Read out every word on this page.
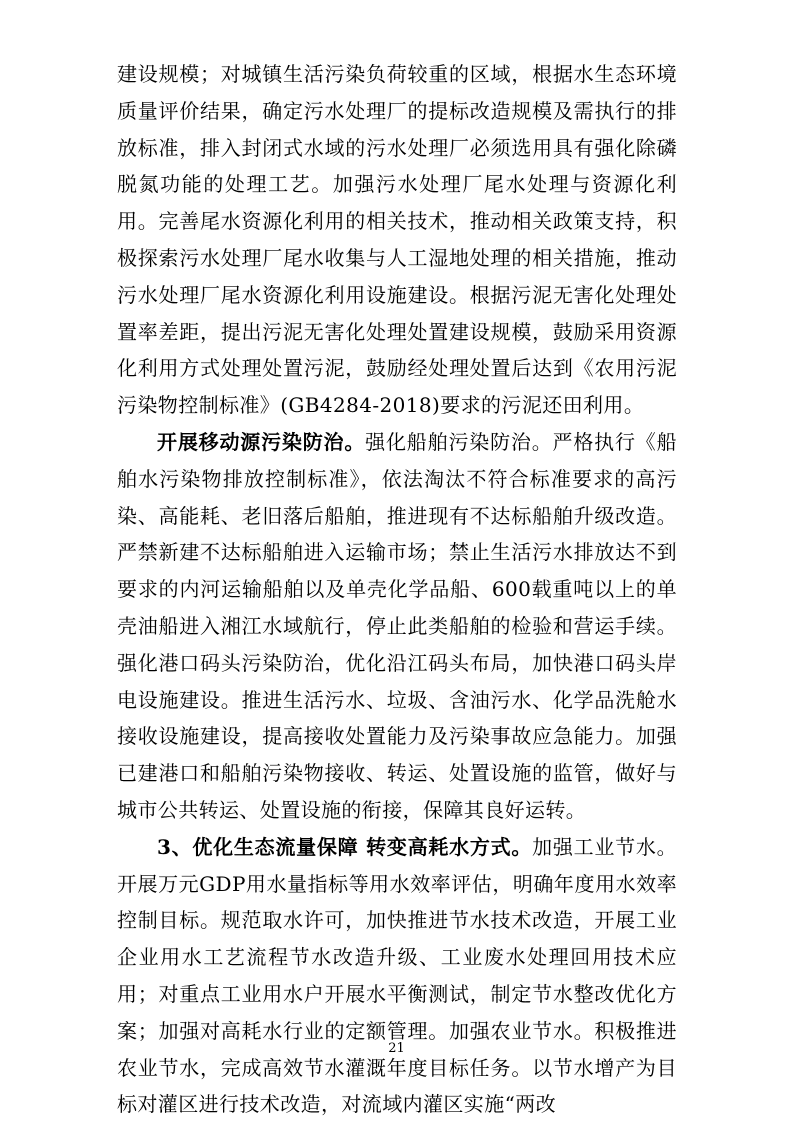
建设规模；对城镇生活污染负荷较重的区域，根据水生态环境质量评价结果，确定污水处理厂的提标改造规模及需执行的排放标准，排入封闭式水域的污水处理厂必须选用具有强化除磷脱氮功能的处理工艺。加强污水处理厂尾水处理与资源化利用。完善尾水资源化利用的相关技术，推动相关政策支持，积极探索污水处理厂尾水收集与人工湿地处理的相关措施，推动污水处理厂尾水资源化利用设施建设。根据污泥无害化处理处置率差距，提出污泥无害化处理处置建设规模，鼓励采用资源化利用方式处理处置污泥，鼓励经处理处置后达到《农用污泥污染物控制标准》(GB4284-2018)要求的污泥还田利用。

开展移动源污染防治。强化船舶污染防治。严格执行《船舶水污染物排放控制标准》，依法淘汰不符合标准要求的高污染、高能耗、老旧落后船舶，推进现有不达标船舶升级改造。严禁新建不达标船舶进入运输市场；禁止生活污水排放达不到要求的内河运输船舶以及单壳化学品船、600载重吨以上的单壳油船进入湘江水域航行，停止此类船舶的检验和营运手续。强化港口码头污染防治，优化沿江码头布局，加快港口码头岸电设施建设。推进生活污水、垃圾、含油污水、化学品洗舱水接收设施建设，提高接收处置能力及污染事故应急能力。加强已建港口和船舶污染物接收、转运、处置设施的监管，做好与城市公共转运、处置设施的衔接，保障其良好运转。

3、优化生态流量保障 转变高耗水方式。加强工业节水。开展万元GDP用水量指标等用水效率评估，明确年度用水效率控制目标。规范取水许可，加快推进节水技术改造，开展工业企业用水工艺流程节水改造升级、工业废水处理回用技术应用；对重点工业用水户开展水平衡测试，制定节水整改优化方案；加强对高耗水行业的定额管理。加强农业节水。积极推进农业节水，完成高效节水灌溉年度目标任务。以节水增产为目标对灌区进行技术改造，对流域内灌区实施“两改

21
